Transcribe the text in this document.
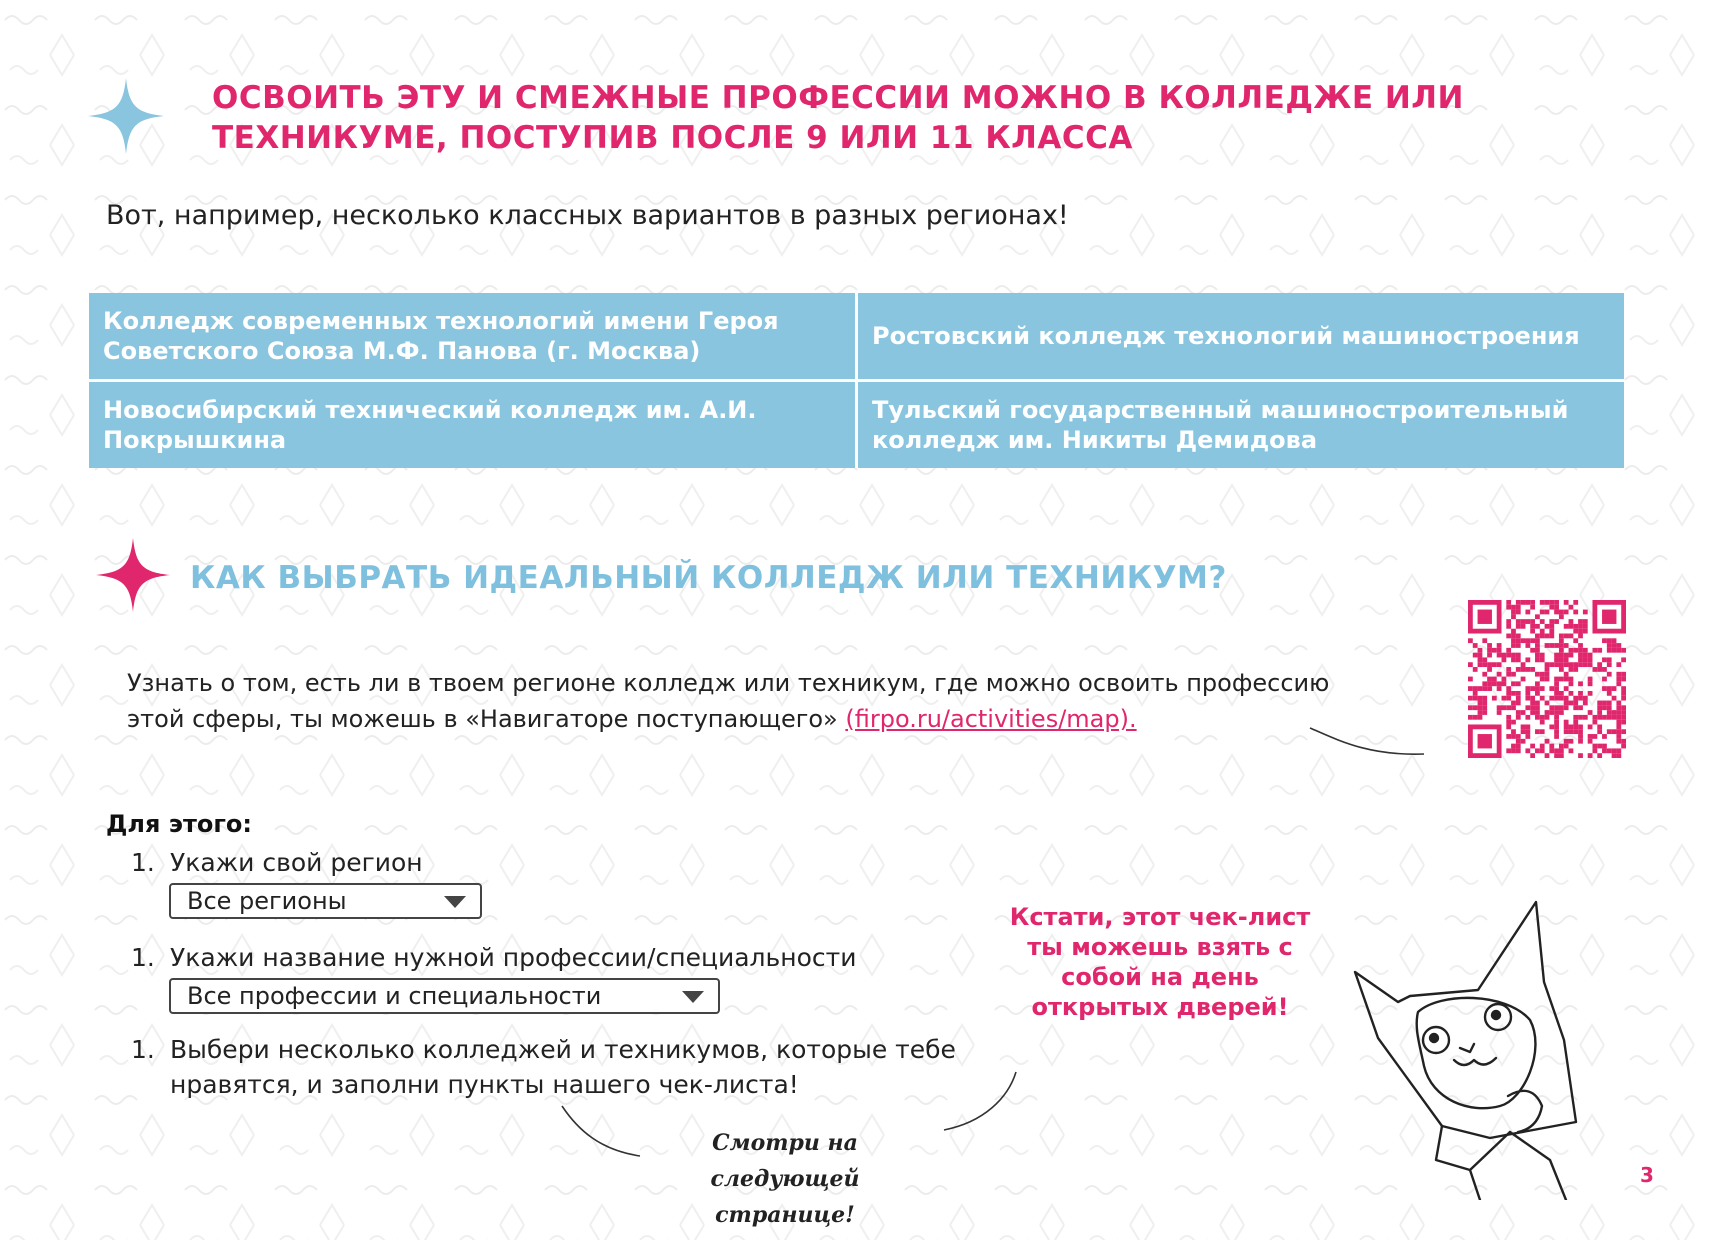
ОСВОИТЬ ЭТУ И СМЕЖНЫЕ ПРОФЕССИИ МОЖНО В КОЛЛЕДЖЕ ИЛИ ТЕХНИКУМЕ, ПОСТУПИВ ПОСЛЕ 9 ИЛИ 11 КЛАССА
Вот, например, несколько классных вариантов в разных регионах!
Колледж современных технологий имени Героя Советского Союза М.Ф. Панова (г. Москва)
Ростовский колледж технологий машиностроения
Новосибирский технический колледж им. А.И. Покрышкина
Тульский государственный машиностроительный колледж им. Никиты Демидова
КАК ВЫБРАТЬ ИДЕАЛЬНЫЙ КОЛЛЕДЖ ИЛИ ТЕХНИКУМ?
Узнать о том, есть ли в твоем регионе колледж или техникум, где можно освоить профессию этой сферы, ты можешь в «Навигаторе поступающего» (firpo.ru/activities/map).
Для этого:
1. Укажи свой регион
Все регионы
1. Укажи название нужной профессии/специальности
Все профессии и специальности
1. Выбери несколько колледжей и техникумов, которые тебе нравятся, и заполни пункты нашего чек-листа!
Кстати, этот чек-лист ты можешь взять с собой на день открытых дверей!
Смотри на следующей странице!
3
